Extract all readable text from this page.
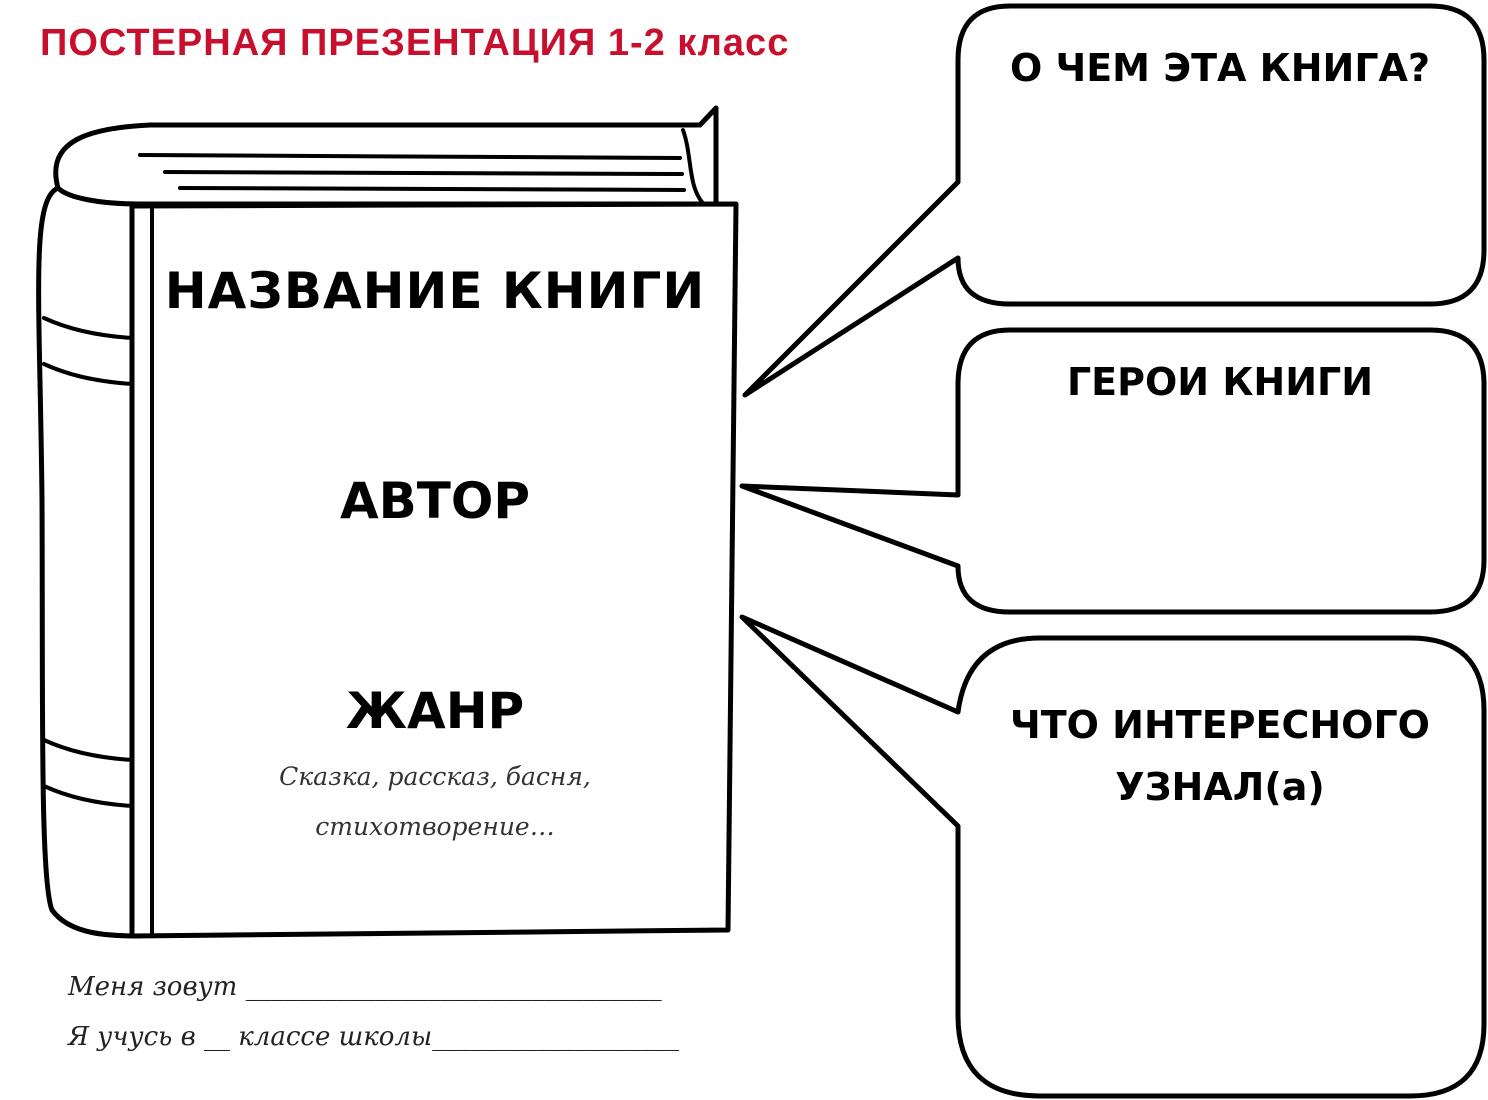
ПОСТЕРНАЯ ПРЕЗЕНТАЦИЯ 1-2 класс
НАЗВАНИЕ КНИГИ
АВТОР
ЖАНР
Сказка, рассказ, басня,
стихотворение…
О ЧЕМ ЭТА КНИГА?
ГЕРОИ КНИГИ
ЧТО ИНТЕРЕСНОГО
УЗНАЛ(а)
Меня зовут ________________________________
Я учусь в __ классе школы___________________
